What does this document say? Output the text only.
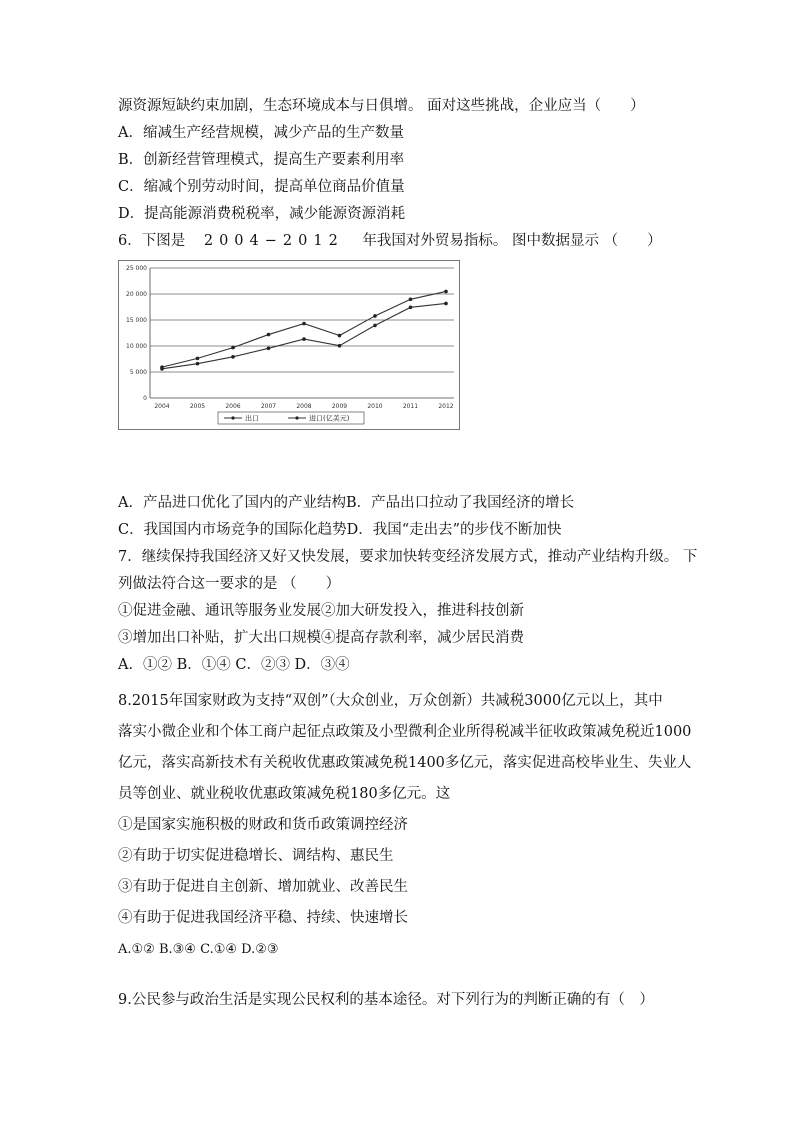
源资源短缺约束加剧，生态环境成本与日俱增。 面对这些挑战，企业应当（　　）
A．缩减生产经营规模，减少产品的生产数量
B．创新经营管理模式，提高生产要素利用率
C．缩减个别劳动时间，提高单位商品价值量
D．提高能源消费税税率，减少能源资源消耗
6．下图是 2004−2012 年我国对外贸易指标。 图中数据显示 （　　）
0
5 000
10 000
15 000
20 000
25 000
2004	2005	2006	2007	2008	2009	2010	2011	2012
出口	进口(亿美元)
A．产品进口优化了国内的产业结构B．产品出口拉动了我国经济的增长
C．我国国内市场竞争的国际化趋势D．我国“走出去”的步伐不断加快
7．继续保持我国经济又好又快发展，要求加快转变经济发展方式，推动产业结构升级。 下
列做法符合这一要求的是 （　　）
①促进金融、通讯等服务业发展②加大研发投入，推进科技创新
③增加出口补贴，扩大出口规模④提高存款利率，减少居民消费
A．①② B．①④ C．②③ D．③④
8.2015年国家财政为支持“双创”（大众创业，万众创新）共减税3000亿元以上，其中
落实小微企业和个体工商户起征点政策及小型微利企业所得税减半征收政策减免税近1000
亿元，落实高新技术有关税收优惠政策减免税1400多亿元，落实促进高校毕业生、失业人
员等创业、就业税收优惠政策减免税180多亿元。这
①是国家实施积极的财政和货币政策调控经济
②有助于切实促进稳增长、调结构、惠民生
③有助于促进自主创新、增加就业、改善民生
④有助于促进我国经济平稳、持续、快速增长
A.①② B.③④ C.①④ D.②③
9.公民参与政治生活是实现公民权利的基本途径。对下列行为的判断正确的有（　）
